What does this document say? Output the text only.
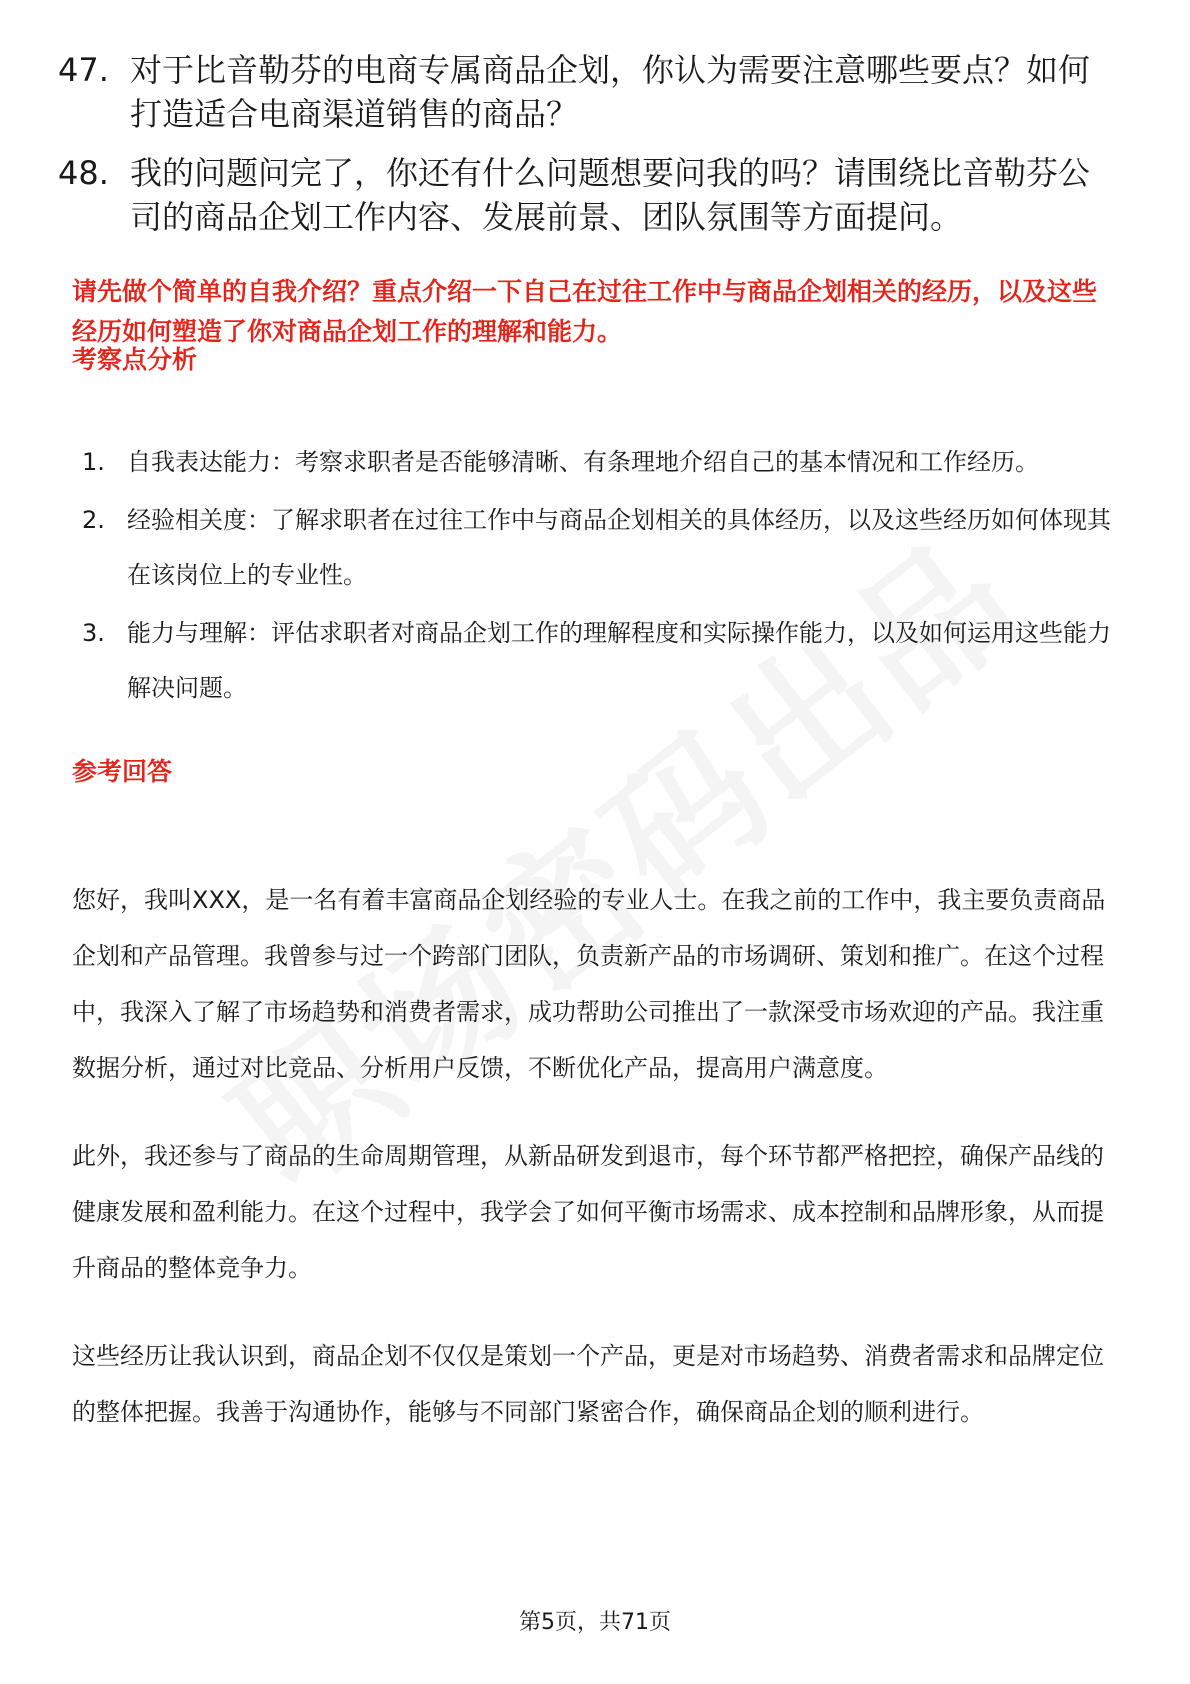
47. 对于比音勒芬的电商专属商品企划，你认为需要注意哪些要点？如何打造适合电商渠道销售的商品？
48. 我的问题问完了，你还有什么问题想要问我的吗？请围绕比音勒芬公司的商品企划工作内容、发展前景、团队氛围等方面提问。
请先做个简单的自我介绍？重点介绍一下自己在过往工作中与商品企划相关的经历，以及这些经历如何塑造了你对商品企划工作的理解和能力。
考察点分析
1. 自我表达能力：考察求职者是否能够清晰、有条理地介绍自己的基本情况和工作经历。
2. 经验相关度：了解求职者在过往工作中与商品企划相关的具体经历，以及这些经历如何体现其在该岗位上的专业性。
3. 能力与理解：评估求职者对商品企划工作的理解程度和实际操作能力，以及如何运用这些能力解决问题。
参考回答

您好，我叫XXX，是一名有着丰富商品企划经验的专业人士。在我之前的工作中，我主要负责商品企划和产品管理。我曾参与过一个跨部门团队，负责新产品的市场调研、策划和推广。在这个过程中，我深入了解了市场趋势和消费者需求，成功帮助公司推出了一款深受市场欢迎的产品。我注重数据分析，通过对比竞品、分析用户反馈，不断优化产品，提高用户满意度。

此外，我还参与了商品的生命周期管理，从新品研发到退市，每个环节都严格把控，确保产品线的健康发展和盈利能力。在这个过程中，我学会了如何平衡市场需求、成本控制和品牌形象，从而提升商品的整体竞争力。

这些经历让我认识到，商品企划不仅仅是策划一个产品，更是对市场趋势、消费者需求和品牌定位的整体把握。我善于沟通协作，能够与不同部门紧密合作，确保商品企划的顺利进行。

第5页，共71页
